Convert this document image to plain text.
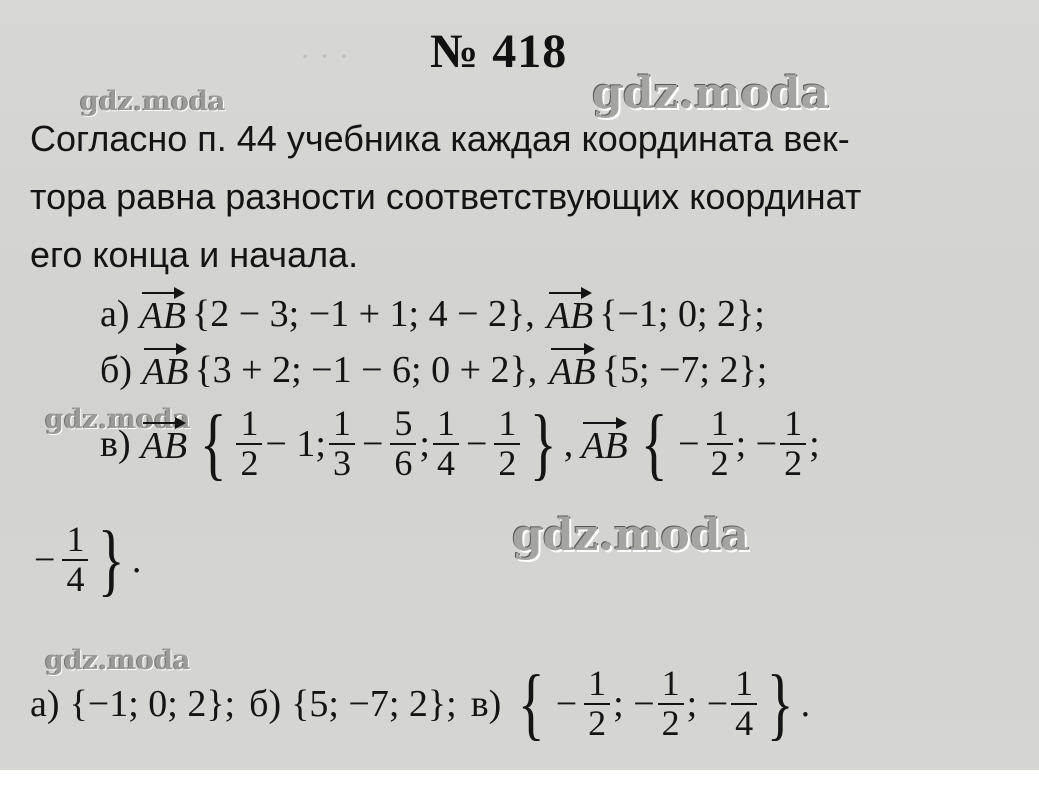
· · · № 418
gdz.moda	gdz.moda
Согласно п. 44 учебника каждая координата век-
тора равна разности соответствующих координат
его конца и начала.
а) AB {2 − 3; −1 + 1; 4 − 2}, AB {−1; 0; 2};
б) AB {3 + 2; −1 − 6; 0 + 2}, AB {5; −7; 2};
gdz.moda
в) AB { $\frac{1}{2} - 1$; $\frac{1}{3} - \frac{5}{6}$ ; $\frac{1}{4} - \frac{1}{2}$ } , AB { − $\frac{1}{2}$ ; − $\frac{1}{2}$ ;
− $\frac{1}{4}$ } .	gdz.moda
gdz.moda
а) {−1; 0; 2}; б) {5; −7; 2}; в) { − $\frac{1}{2}$ ; − $\frac{1}{2}$ ; − $\frac{1}{4}$ } .
